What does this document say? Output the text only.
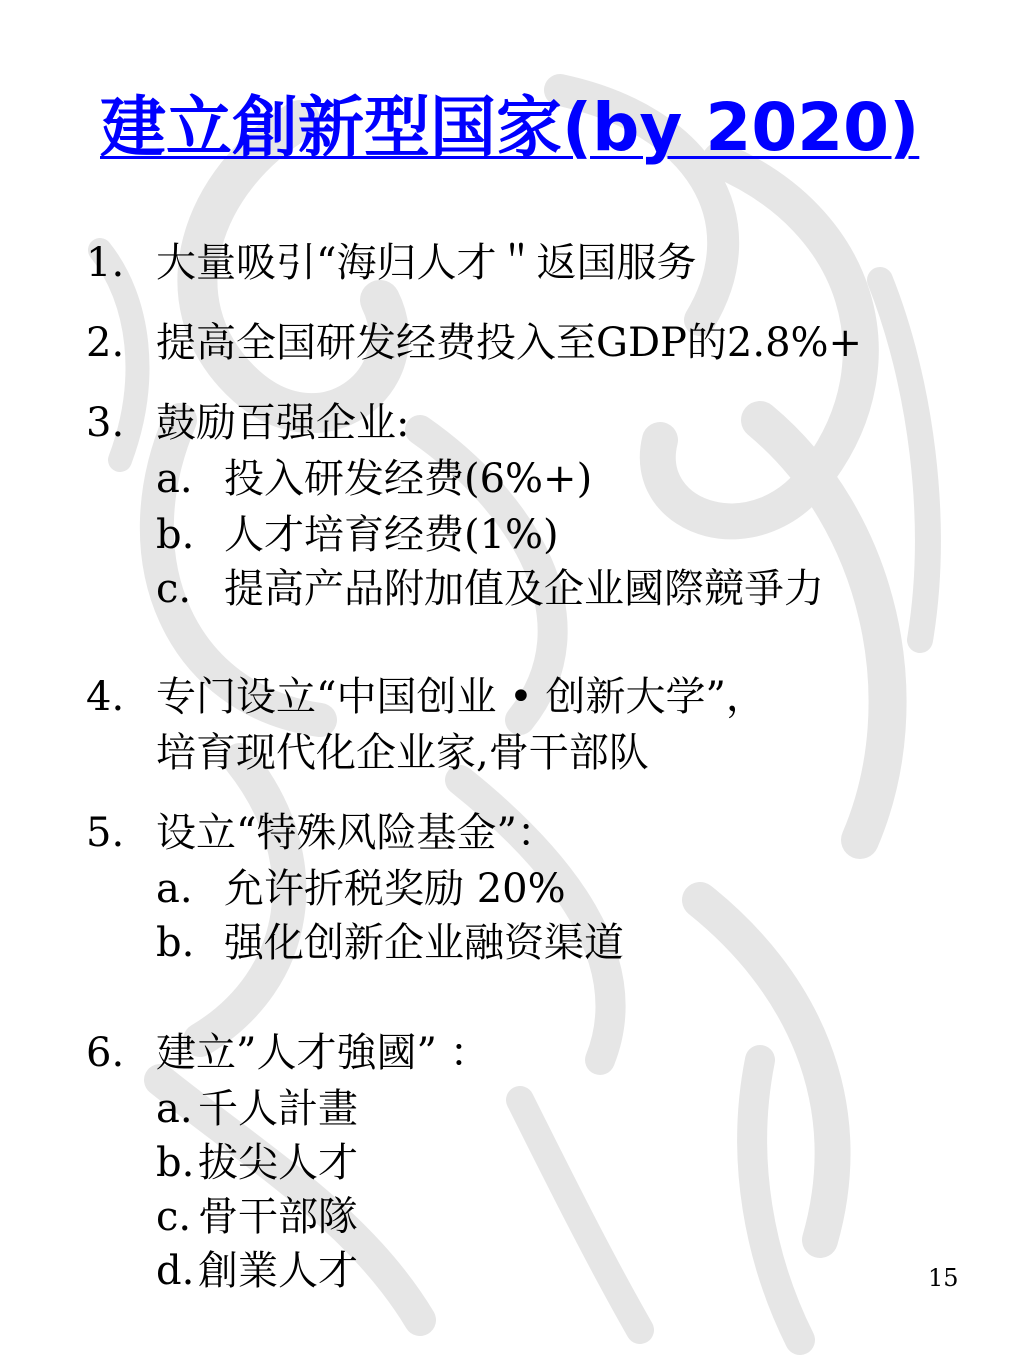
建立創新型国家(by 2020)
1. 大量吸引“海归人才＂返国服务
2. 提高全国研发经费投入至GDP的2.8%+
3. 鼓励百强企业:
a. 投入研发经费(6%+)
b. 人才培育经费(1%)
c. 提高产品附加值及企业國際競爭力
4. 专门设立“中国创业 • 创新大学”，
培育现代化企业家,骨干部队
5. 设立“特殊风险基金”：
a. 允许折税奖励 20%
b. 强化创新企业融资渠道
6. 建立”人才強國” ：
a. 千人計畫
b. 拔尖人才
c. 骨干部隊
d. 創業人才	15
